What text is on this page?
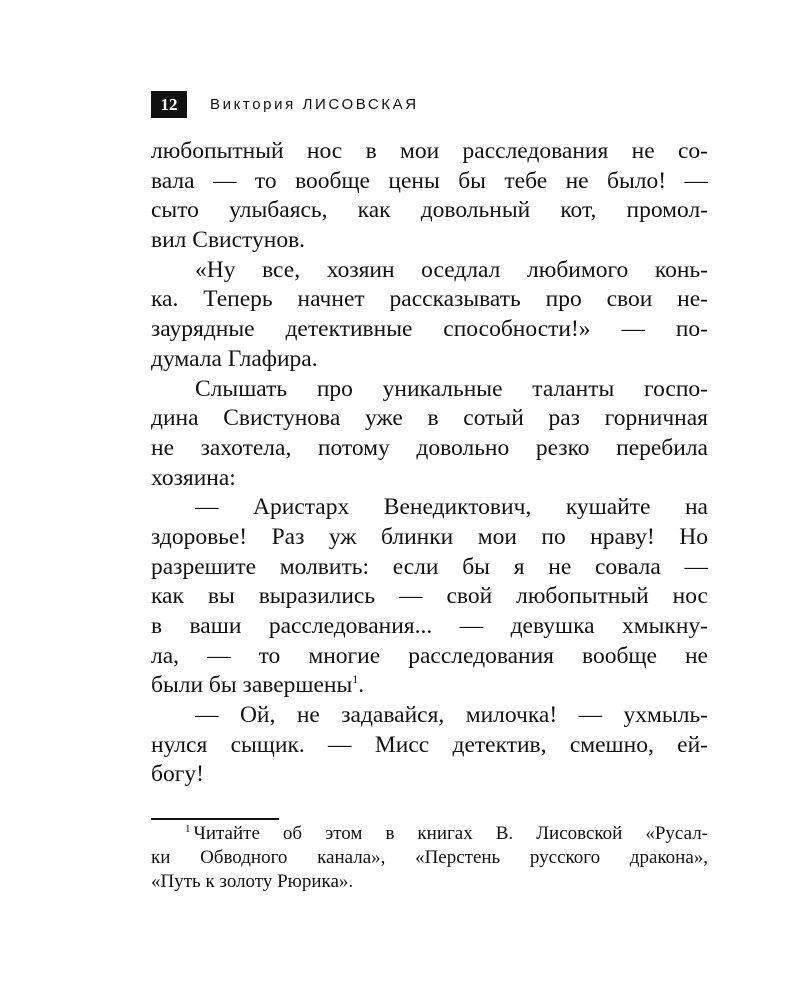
12	Виктория ЛИСОВСКАЯ
любопытный нос в мои расследования не со-
вала — то вообще цены бы тебе не было! —
сыто улыбаясь, как довольный кот, промол-
вил Свистунов.
«Ну все, хозяин оседлал любимого конь-
ка. Теперь начнет рассказывать про свои не-
заурядные детективные способности!» — по-
думала Глафира.
Слышать про уникальные таланты госпо-
дина Свистунова уже в сотый раз горничная
не захотела, потому довольно резко перебила
хозяина:
— Аристарх Венедиктович, кушайте на
здоровье! Раз уж блинки мои по нраву! Но
разрешите молвить: если бы я не совала —
как вы выразились — свой любопытный нос
в ваши расследования... — девушка хмыкну-
ла, — то многие расследования вообще не
были бы завершены$^1$.
— Ой, не задавайся, милочка! — ухмыль-
нулся сыщик. — Мисс детектив, смешно, ей-
богу!
$^1$ Читайте об этом в книгах В. Лисовской «Русал-
ки Обводного канала», «Перстень русского дракона»,
«Путь к золоту Рюрика».
